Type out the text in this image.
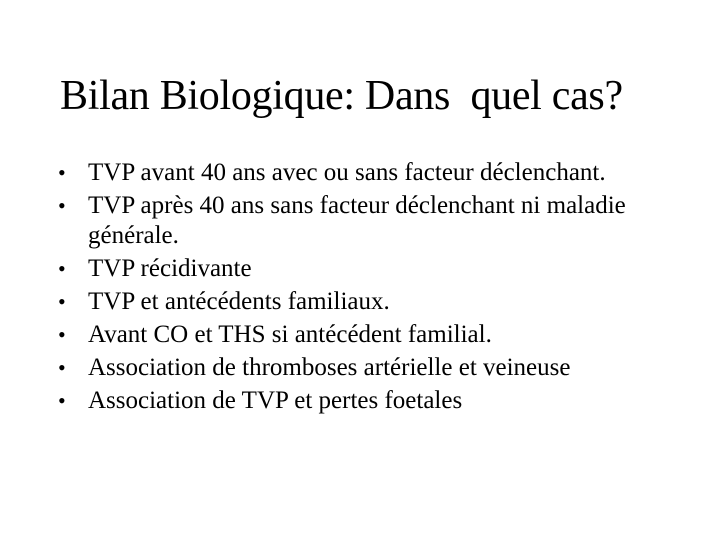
Bilan Biologique: Dans  quel cas?
• TVP avant 40 ans avec ou sans facteur déclenchant.
• TVP après 40 ans sans facteur déclenchant ni maladie générale.
• TVP récidivante
• TVP et antécédents familiaux.
• Avant CO et THS si antécédent familial.
• Association de thromboses artérielle et veineuse
• Association de TVP et pertes foetales
